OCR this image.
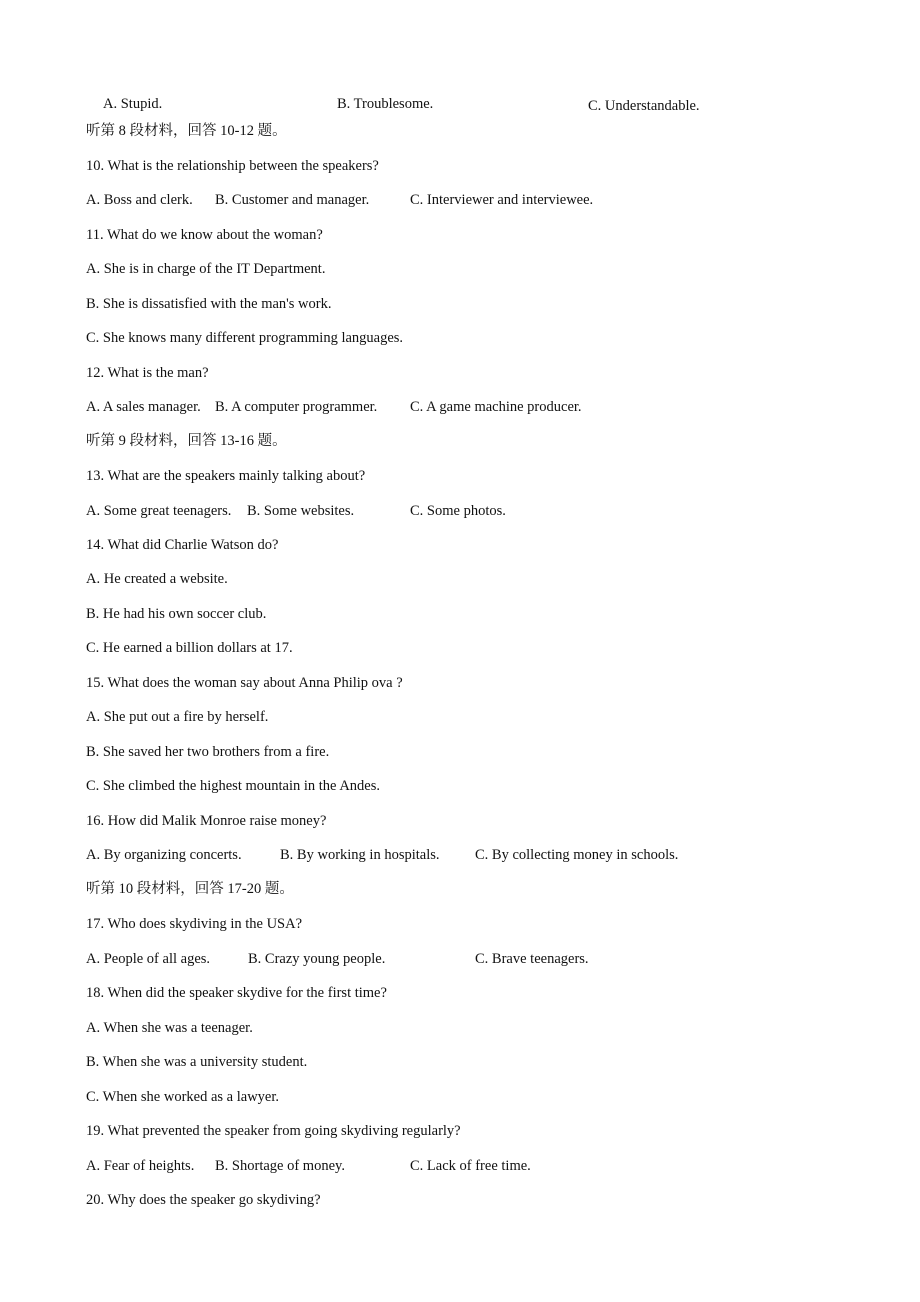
A. Stupid.	B. Troublesome.	C. Understandable.
听第 8 段材料，回答 10-12 题。
10. What is the relationship between the speakers?
A. Boss and clerk. B. Customer and manager.	C. Interviewer and interviewee.
11. What do we know about the woman?
A. She is in charge of the IT Department.
B. She is dissatisfied with the man's work.
C. She knows many different programming languages.
12. What is the man?
A. A sales manager. B. A computer programmer. C. A game machine producer.
听第 9 段材料，回答 13-16 题。
13. What are the speakers mainly talking about?
A. Some great teenagers. B. Some websites.	C. Some photos.
14. What did Charlie Watson do?
A. He created a website.
B. He had his own soccer club.
C. He earned a billion dollars at 17.
15. What does the woman say about Anna Philip ova ?
A. She put out a fire by herself.
B. She saved her two brothers from a fire.
C. She climbed the highest mountain in the Andes.
16. How did Malik Monroe raise money?
A. By organizing concerts.	B. By working in hospitals. C. By collecting money in schools.
听第 10 段材料，回答 17-20 题。
17. Who does skydiving in the USA?
A. People of all ages.	B. Crazy young people.	C. Brave teenagers.
18. When did the speaker skydive for the first time?
A. When she was a teenager.
B. When she was a university student.
C. When she worked as a lawyer.
19. What prevented the speaker from going skydiving regularly?
A. Fear of heights. B. Shortage of money.	C. Lack of free time.
20. Why does the speaker go skydiving?
